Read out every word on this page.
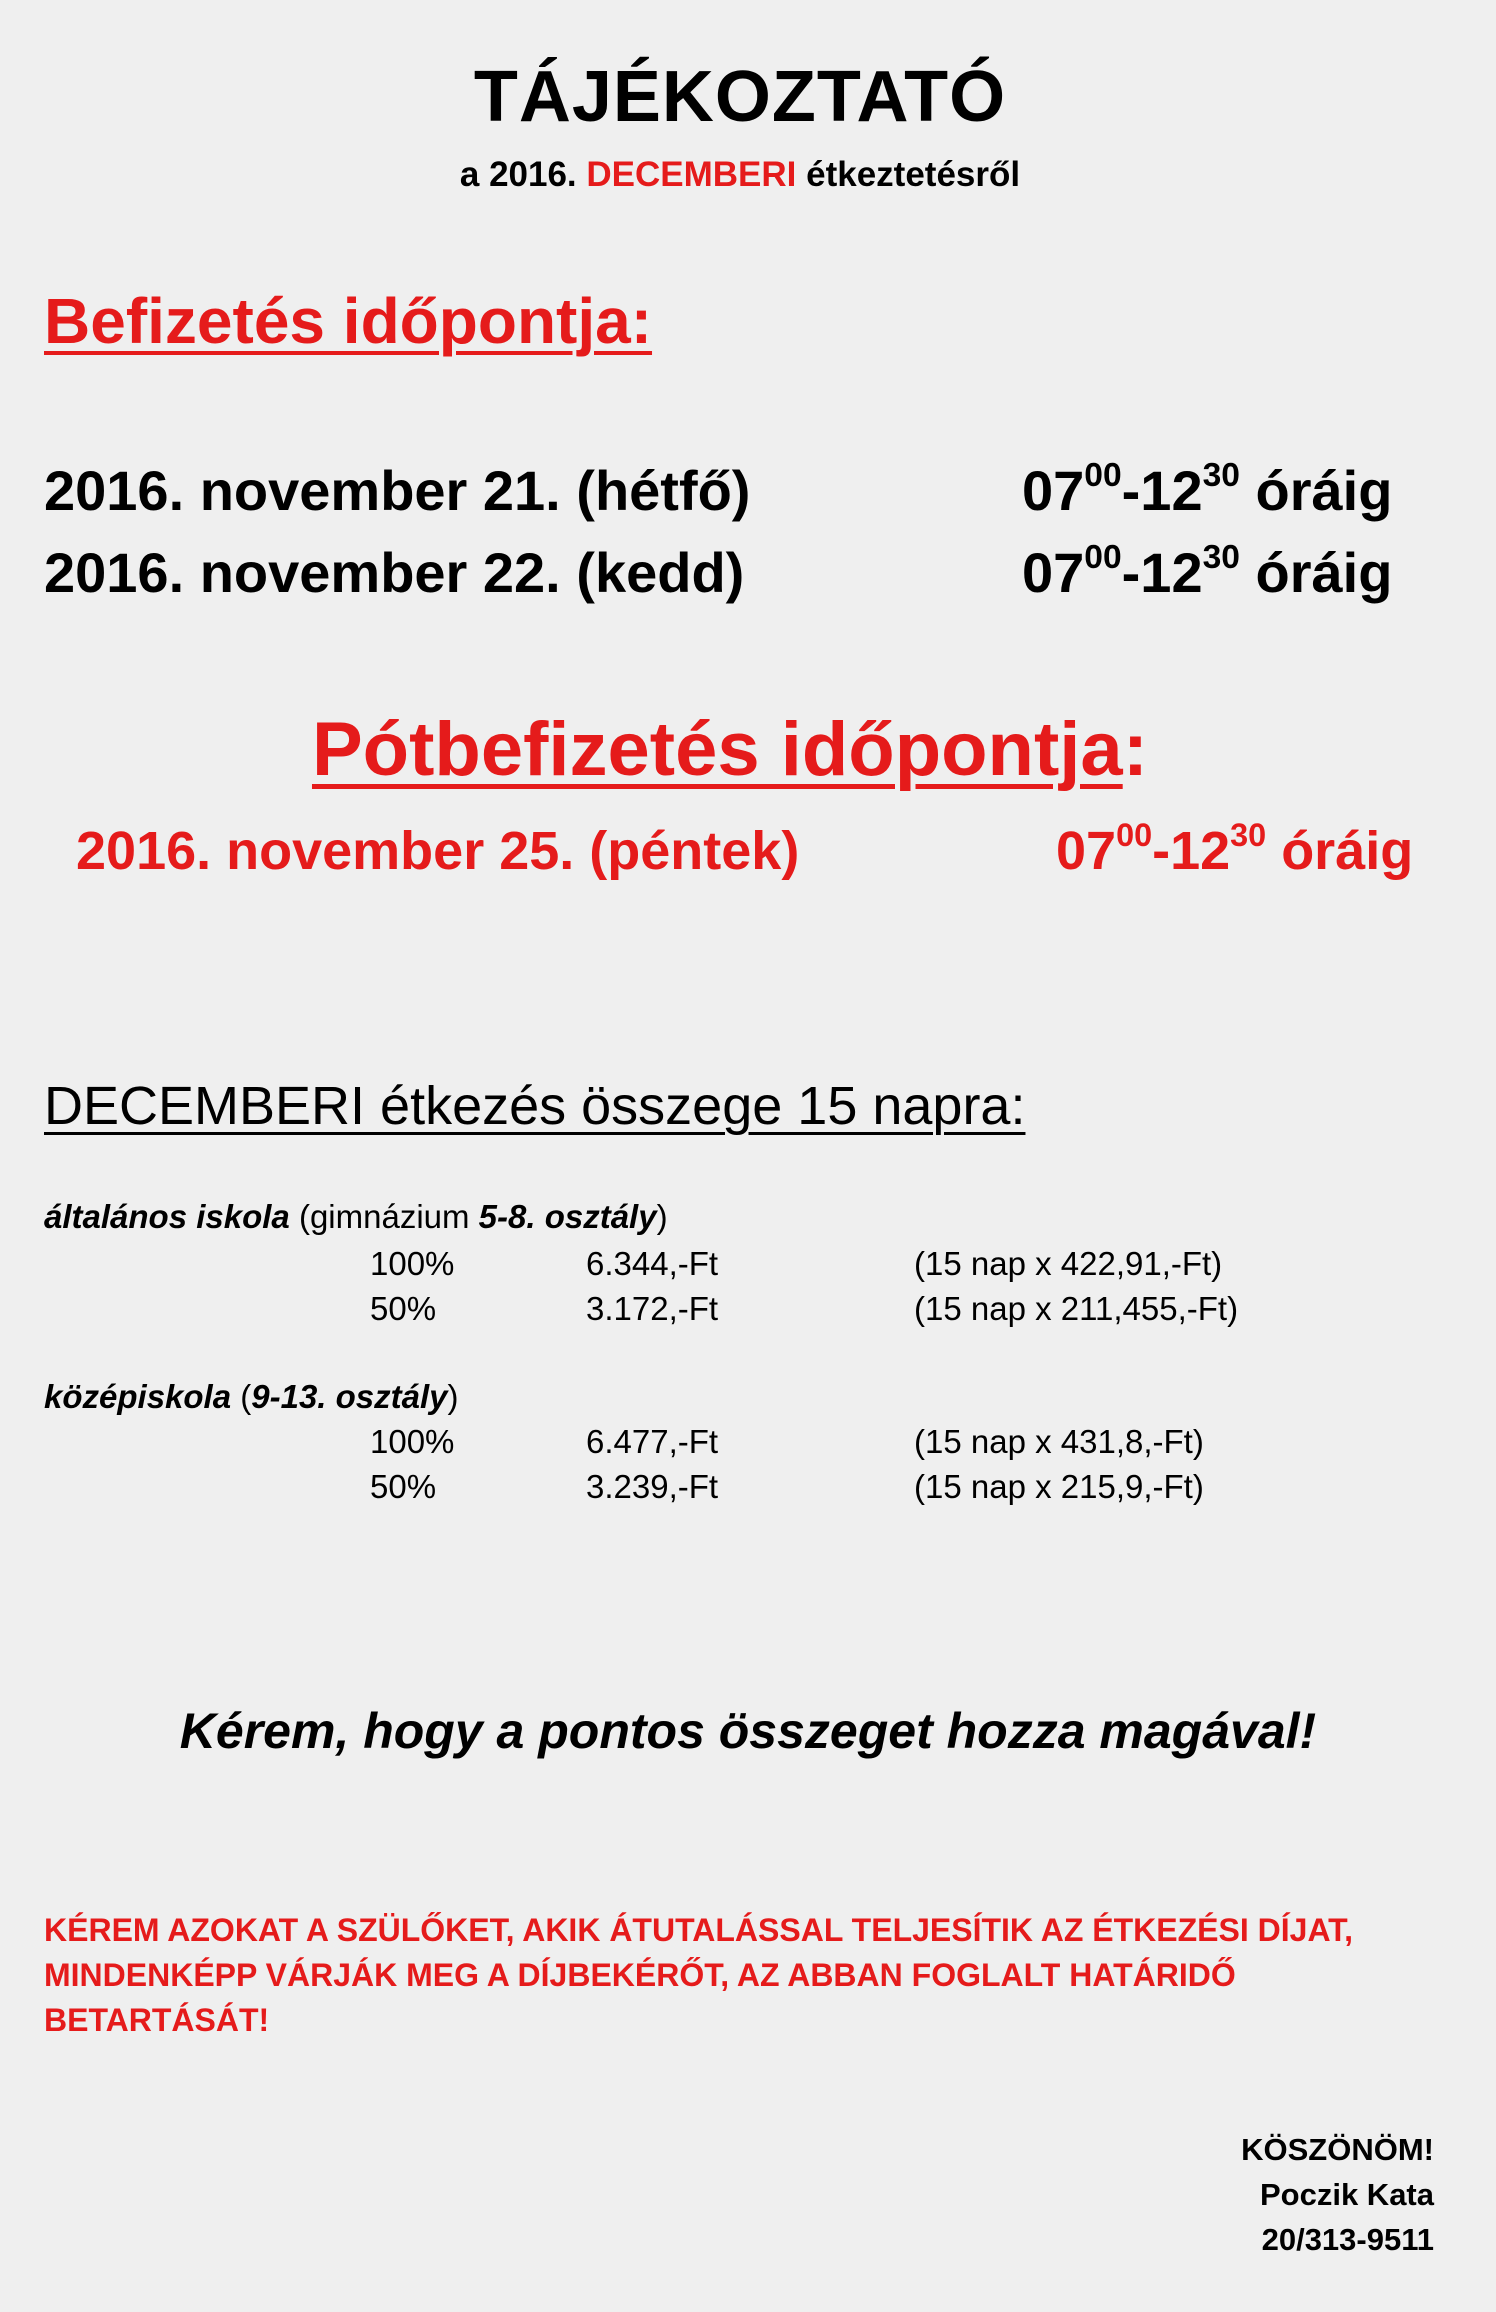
TÁJÉKOZTATÓ
a 2016. DECEMBERI étkeztetésről
Befizetés időpontja:
2016. november 21. (hétfő)	$07^{00}-12^{30}$ óráig
2016. november 22. (kedd)	$07^{00}-12^{30}$ óráig
Pótbefizetés időpontja:
2016. november 25. (péntek)	$07^{00}-12^{30}$ óráig
DECEMBERI étkezés összege 15 napra:
általános iskola (gimnázium 5-8. osztály)
100%	6.344,-Ft	(15 nap x 422,91,-Ft)
50%	3.172,-Ft	(15 nap x 211,455,-Ft)
középiskola (9-13. osztály)
100%	6.477,-Ft	(15 nap x 431,8,-Ft)
50%	3.239,-Ft	(15 nap x 215,9,-Ft)
Kérem, hogy a pontos összeget hozza magával!
KÉREM AZOKAT A SZÜLŐKET, AKIK ÁTUTALÁSSAL TELJESÍTIK AZ ÉTKEZÉSI DÍJAT, MINDENKÉPP VÁRJÁK MEG A DÍJBEKÉRŐT, AZ ABBAN FOGLALT HATÁRIDŐ BETARTÁSÁT!
KÖSZÖNÖM!
Poczik Kata
20/313-9511
